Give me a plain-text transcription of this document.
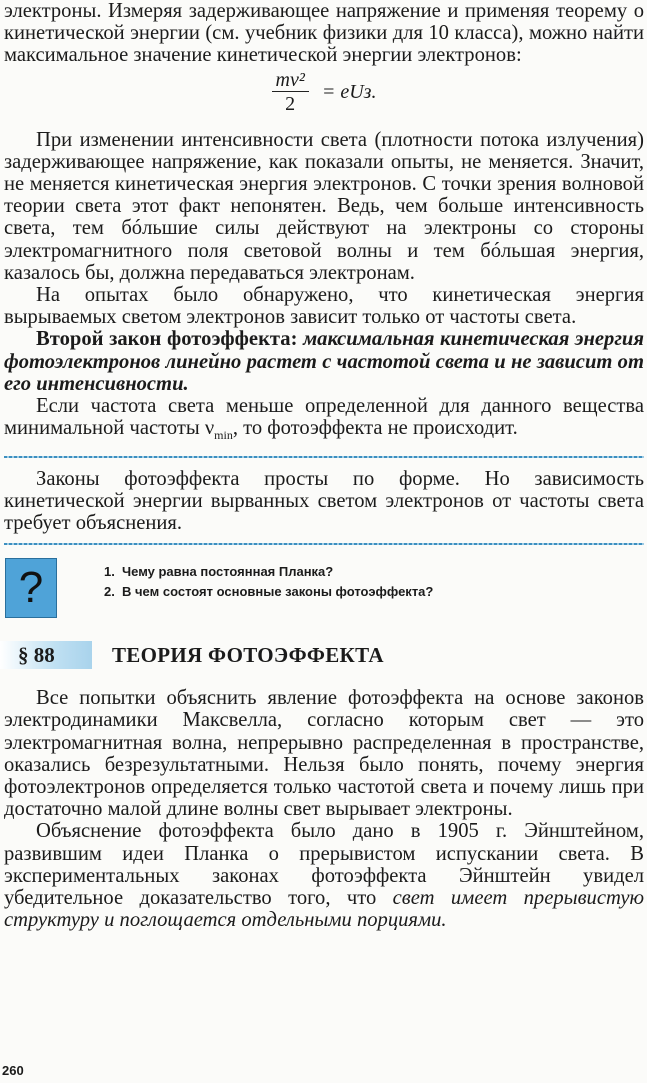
электроны. Измеряя задерживающее напряжение и применяя теорему о кинетической энергии (см. учебник физики для 10 класса), можно найти максимальное значение кинетической энергии электронов:

$\frac{\text{mv²}}{2}$ = eUз.

При изменении интенсивности света (плотности потока излучения) задерживающее напряжение, как показали опыты, не меняется. Значит, не меняется кинетическая энергия электронов. С точки зрения волновой теории света этот факт непонятен. Ведь, чем больше интенсивность света, тем бóльшие силы действуют на электроны со стороны электромагнитного поля световой волны и тем бóльшая энергия, казалось бы, должна передаваться электронам.

На опытах было обнаружено, что кинетическая энергия вырываемых светом электронов зависит только от частоты света.

Второй закон фотоэффекта: максимальная кинетическая энергия фотоэлектронов линейно растет с частотой света и не зависит от его интенсивности.

Если частота света меньше определенной для данного вещества минимальной частоты $\nu_{min}$, то фотоэффекта не происходит.

Законы фотоэффекта просты по форме. Но зависимость кинетической энергии вырванных светом электронов от частоты света требует объяснения.

?	1. Чему равна постоянная Планка?
2. В чем состоят основные законы фотоэффекта?
§ 88	ТЕОРИЯ ФОТОЭФФЕКТА

Все попытки объяснить явление фотоэффекта на основе законов электродинамики Максвелла, согласно которым свет — это электромагнитная волна, непрерывно распределенная в пространстве, оказались безрезультатными. Нельзя было понять, почему энергия фотоэлектронов определяется только частотой света и почему лишь при достаточно малой длине волны свет вырывает электроны.

Объяснение фотоэффекта было дано в 1905 г. Эйнштейном, развившим идеи Планка о прерывистом испускании света. В экспериментальных законах фотоэффекта Эйнштейн увидел убедительное доказательство того, что свет имеет прерывистую структуру и поглощается отдельными порциями.

260
